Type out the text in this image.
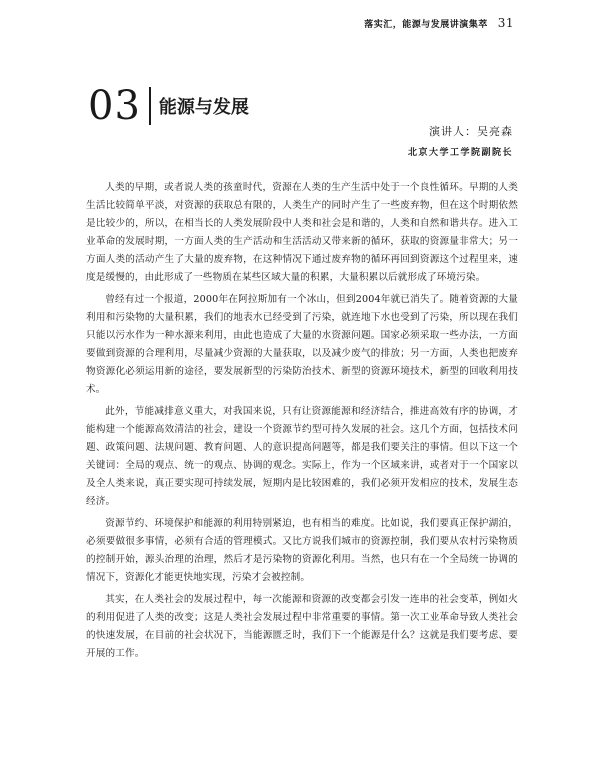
落实汇，能源与发展讲演集萃 31
03 能源与发展
演讲人：吴亮森
北京大学工学院副院长

人类的早期，或者说人类的孩童时代，资源在人类的生产生活中处于一个良性循环。早期的人类生活比较简单平淡，对资源的获取总有限的，人类生产的同时产生了一些废弃物，但在这个时期依然是比较少的，所以，在相当长的人类发展阶段中人类和社会是和谐的，人类和自然和谐共存。进入工业革命的发展时期，一方面人类的生产活动和生活活动又带来新的循环，获取的资源量非常大；另一方面人类的活动产生了大量的废弃物，在这种情况下通过废弃物的循环再回到资源这个过程里来，速度是缓慢的，由此形成了一些物质在某些区域大量的积累，大量积累以后就形成了环境污染。

曾经有过一个报道，2000年在阿拉斯加有一个冰山，但到2004年就已消失了。随着资源的大量利用和污染物的大量积累，我们的地表水已经受到了污染，就连地下水也受到了污染，所以现在我们只能以污水作为一种水源来利用，由此也造成了大量的水资源问题。国家必须采取一些办法，一方面要做到资源的合理利用，尽量减少资源的大量获取，以及减少废气的排放；另一方面，人类也把废弃物资源化必须运用新的途径，要发展新型的污染防治技术、新型的资源环境技术，新型的回收利用技术。

此外，节能减排意义重大，对我国来说，只有让资源能源和经济结合，推进高效有序的协调，才能构建一个能源高效清洁的社会，建设一个资源节约型可持久发展的社会。这几个方面，包括技术问题、政策问题、法规问题、教育问题、人的意识提高问题等，都是我们要关注的事情。但以下这一个关键词：全局的观点、统一的观点、协调的观念。实际上，作为一个区域来讲，或者对于一个国家以及全人类来说，真正要实现可持续发展，短期内是比较困难的，我们必须开发相应的技术，发展生态经济。

资源节约、环境保护和能源的利用特别紧迫，也有相当的难度。比如说，我们要真正保护湖泊，必须要做很多事情，必须有合适的管理模式。又比方说我们城市的资源控制，我们要从农村污染物质的控制开始，源头治理的治理，然后才是污染物的资源化利用。当然，也只有在一个全局统一协调的情况下，资源化才能更快地实现，污染才会被控制。

其实，在人类社会的发展过程中，每一次能源和资源的改变都会引发一连串的社会变革，例如火的利用促进了人类的改变；这是人类社会发展过程中非常重要的事情。第一次工业革命导致人类社会的快速发展，在目前的社会状况下，当能源匮乏时，我们下一个能源是什么？这就是我们要考虑、要开展的工作。
